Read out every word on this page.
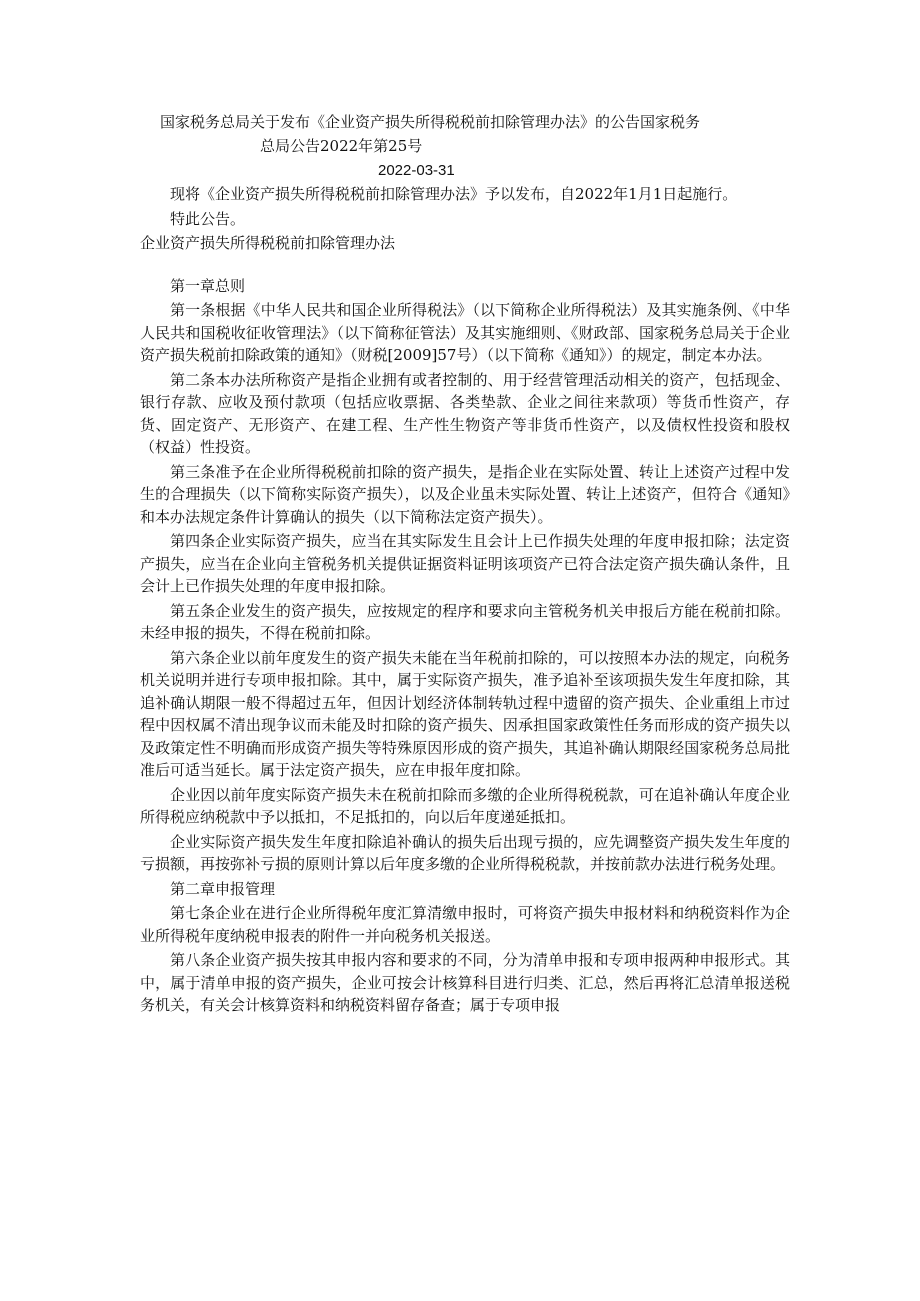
国家税务总局关于发布《企业资产损失所得税税前扣除管理办法》的公告国家税务
总局公告2022年第25号
2022-03-31

现将《企业资产损失所得税税前扣除管理办法》予以发布，自2022年1月1日起施行。

特此公告。

企业资产损失所得税税前扣除管理办法

第一章总则

第一条根据《中华人民共和国企业所得税法》（以下简称企业所得税法）及其实施条例、《中华人民共和国税收征收管理法》（以下简称征管法）及其实施细则、《财政部、国家税务总局关于企业资产损失税前扣除政策的通知》（财税[2009]57号）（以下简称《通知》）的规定，制定本办法。

第二条本办法所称资产是指企业拥有或者控制的、用于经营管理活动相关的资产，包括现金、银行存款、应收及预付款项（包括应收票据、各类垫款、企业之间往来款项）等货币性资产，存货、固定资产、无形资产、在建工程、生产性生物资产等非货币性资产，以及债权性投资和股权（权益）性投资。

第三条准予在企业所得税税前扣除的资产损失，是指企业在实际处置、转让上述资产过程中发生的合理损失（以下简称实际资产损失），以及企业虽未实际处置、转让上述资产，但符合《通知》和本办法规定条件计算确认的损失（以下简称法定资产损失）。

第四条企业实际资产损失，应当在其实际发生且会计上已作损失处理的年度申报扣除；法定资产损失，应当在企业向主管税务机关提供证据资料证明该项资产已符合法定资产损失确认条件，且会计上已作损失处理的年度申报扣除。

第五条企业发生的资产损失，应按规定的程序和要求向主管税务机关申报后方能在税前扣除。未经申报的损失，不得在税前扣除。

第六条企业以前年度发生的资产损失未能在当年税前扣除的，可以按照本办法的规定，向税务机关说明并进行专项申报扣除。其中，属于实际资产损失，准予追补至该项损失发生年度扣除，其追补确认期限一般不得超过五年，但因计划经济体制转轨过程中遗留的资产损失、企业重组上市过程中因权属不清出现争议而未能及时扣除的资产损失、因承担国家政策性任务而形成的资产损失以及政策定性不明确而形成资产损失等特殊原因形成的资产损失，其追补确认期限经国家税务总局批准后可适当延长。属于法定资产损失，应在申报年度扣除。

企业因以前年度实际资产损失未在税前扣除而多缴的企业所得税税款，可在追补确认年度企业所得税应纳税款中予以抵扣，不足抵扣的，向以后年度递延抵扣。

企业实际资产损失发生年度扣除追补确认的损失后出现亏损的，应先调整资产损失发生年度的亏损额，再按弥补亏损的原则计算以后年度多缴的企业所得税税款，并按前款办法进行税务处理。

第二章申报管理

第七条企业在进行企业所得税年度汇算清缴申报时，可将资产损失申报材料和纳税资料作为企业所得税年度纳税申报表的附件一并向税务机关报送。

第八条企业资产损失按其申报内容和要求的不同，分为清单申报和专项申报两种申报形式。其中，属于清单申报的资产损失，企业可按会计核算科目进行归类、汇总，然后再将汇总清单报送税务机关，有关会计核算资料和纳税资料留存备查；属于专项申报
